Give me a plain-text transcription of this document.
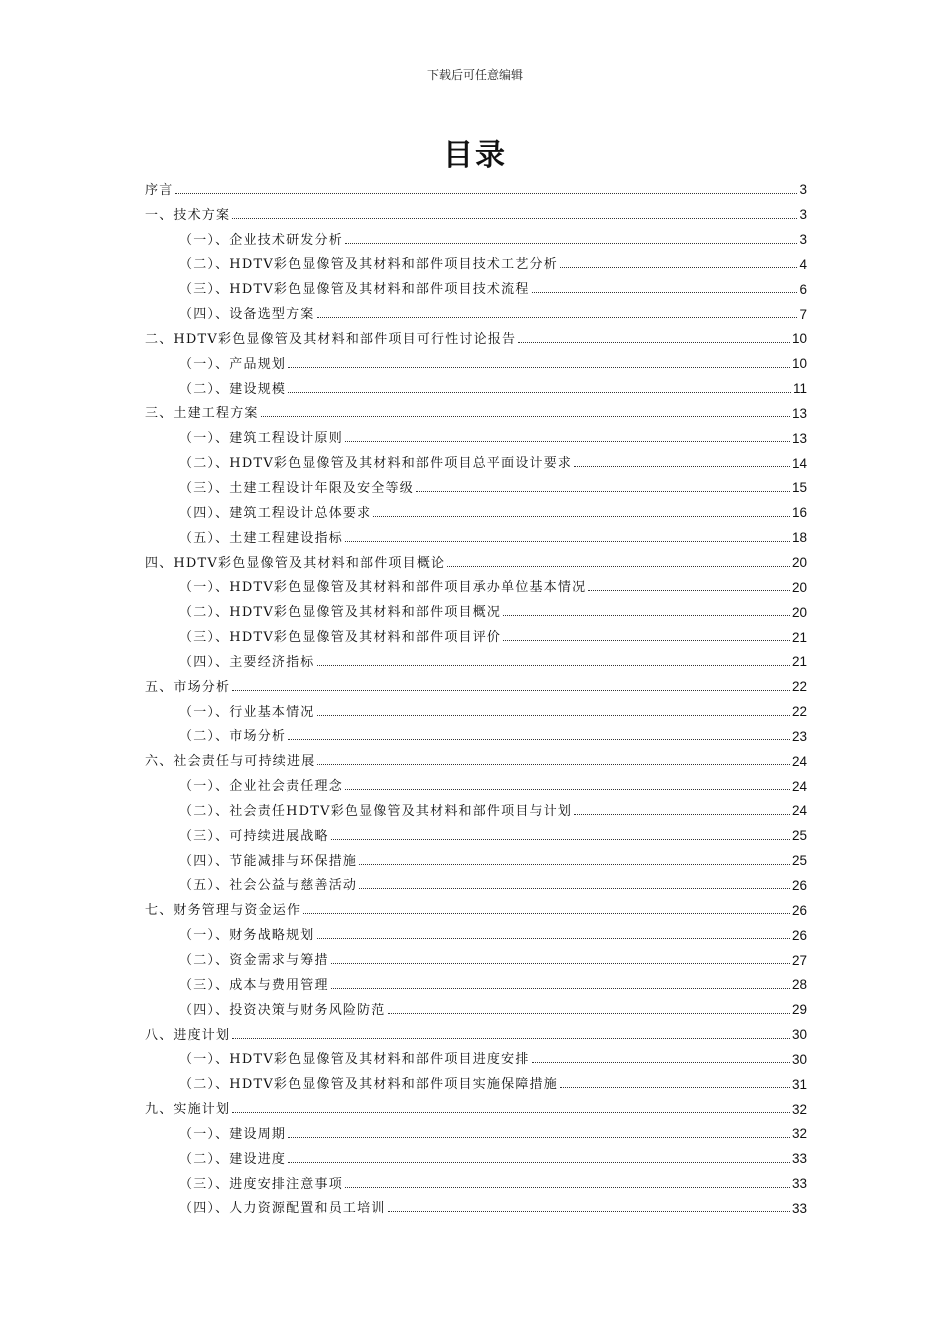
下载后可任意编辑
目录
序言	3
一、技术方案	3
（一）、企业技术研发分析	3
（二）、HDTV彩色显像管及其材料和部件项目技术工艺分析	4
（三）、HDTV彩色显像管及其材料和部件项目技术流程	6
（四）、设备选型方案	7
二、HDTV彩色显像管及其材料和部件项目可行性讨论报告	10
（一）、产品规划	10
（二）、建设规模	11
三、土建工程方案	13
（一）、建筑工程设计原则	13
（二）、HDTV彩色显像管及其材料和部件项目总平面设计要求	14
（三）、土建工程设计年限及安全等级	15
（四）、建筑工程设计总体要求	16
（五）、土建工程建设指标	18
四、HDTV彩色显像管及其材料和部件项目概论	20
（一）、HDTV彩色显像管及其材料和部件项目承办单位基本情况	20
（二）、HDTV彩色显像管及其材料和部件项目概况	20
（三）、HDTV彩色显像管及其材料和部件项目评价	21
（四）、主要经济指标	21
五、市场分析	22
（一）、行业基本情况	22
（二）、市场分析	23
六、社会责任与可持续进展	24
（一）、企业社会责任理念	24
（二）、社会责任HDTV彩色显像管及其材料和部件项目与计划	24
（三）、可持续进展战略	25
（四）、节能减排与环保措施	25
（五）、社会公益与慈善活动	26
七、财务管理与资金运作	26
（一）、财务战略规划	26
（二）、资金需求与筹措	27
（三）、成本与费用管理	28
（四）、投资决策与财务风险防范	29
八、进度计划	30
（一）、HDTV彩色显像管及其材料和部件项目进度安排	30
（二）、HDTV彩色显像管及其材料和部件项目实施保障措施	31
九、实施计划	32
（一）、建设周期	32
（二）、建设进度	33
（三）、进度安排注意事项	33
（四）、人力资源配置和员工培训	33
